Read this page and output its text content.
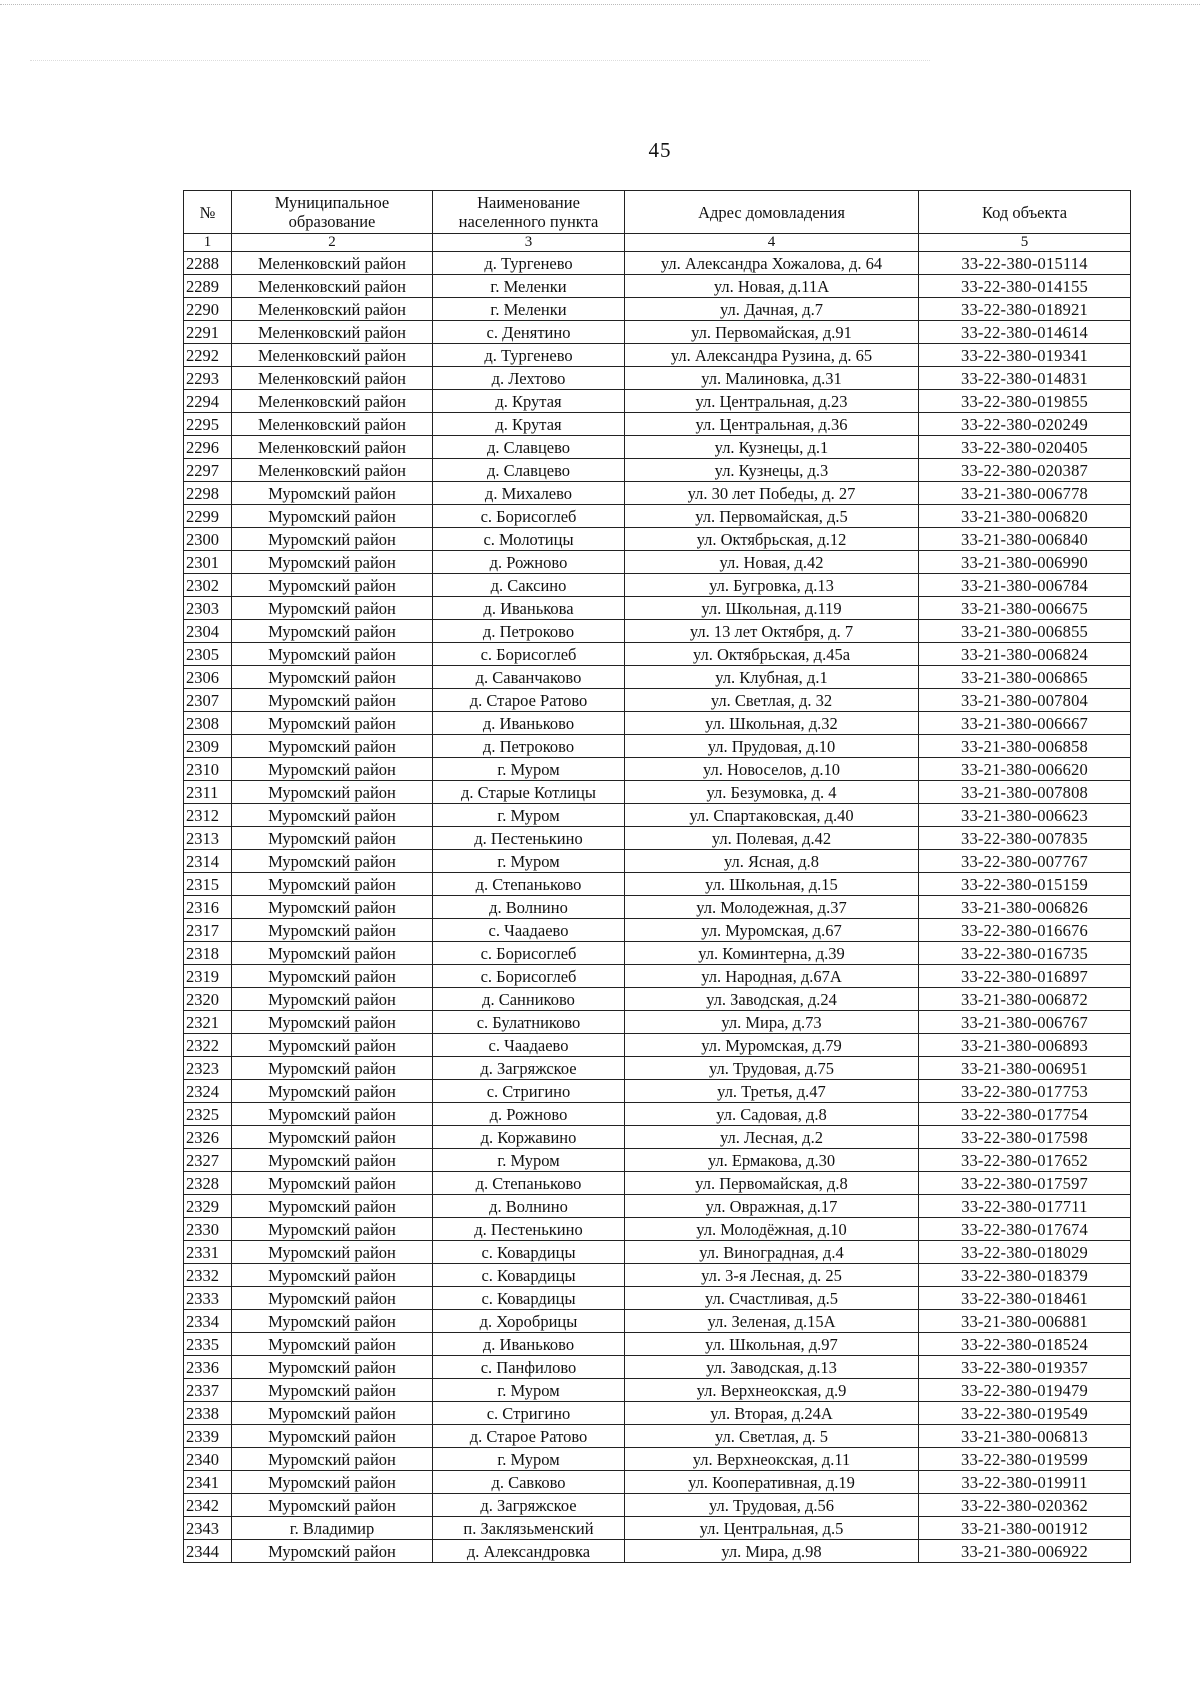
45
№	Муниципальное образование	Наименование населенного пункта	Адрес домовладения	Код объекта
1	2	3	4	5
2288	Меленковский район	д. Тургенево	ул. Александра Хожалова, д. 64	33-22-380-015114
2289	Меленковский район	г. Меленки	ул. Новая, д.11А	33-22-380-014155
2290	Меленковский район	г. Меленки	ул. Дачная, д.7	33-22-380-018921
2291	Меленковский район	с. Денятино	ул. Первомайская, д.91	33-22-380-014614
2292	Меленковский район	д. Тургенево	ул. Александра Рузина, д. 65	33-22-380-019341
2293	Меленковский район	д. Лехтово	ул. Малиновка, д.31	33-22-380-014831
2294	Меленковский район	д. Крутая	ул. Центральная, д.23	33-22-380-019855
2295	Меленковский район	д. Крутая	ул. Центральная, д.36	33-22-380-020249
2296	Меленковский район	д. Славцево	ул. Кузнецы, д.1	33-22-380-020405
2297	Меленковский район	д. Славцево	ул. Кузнецы, д.3	33-22-380-020387
2298	Муромский район	д. Михалево	ул. 30 лет Победы, д. 27	33-21-380-006778
2299	Муромский район	с. Борисоглеб	ул. Первомайская, д.5	33-21-380-006820
2300	Муромский район	с. Молотицы	ул. Октябрьская, д.12	33-21-380-006840
2301	Муромский район	д. Рожново	ул. Новая, д.42	33-21-380-006990
2302	Муромский район	д. Саксино	ул. Бугровка, д.13	33-21-380-006784
2303	Муромский район	д. Иванькова	ул. Школьная, д.119	33-21-380-006675
2304	Муромский район	д. Петроково	ул. 13 лет Октября, д. 7	33-21-380-006855
2305	Муромский район	с. Борисоглеб	ул. Октябрьская, д.45а	33-21-380-006824
2306	Муромский район	д. Саванчаково	ул. Клубная, д.1	33-21-380-006865
2307	Муромский район	д. Старое Ратово	ул. Светлая, д. 32	33-21-380-007804
2308	Муромский район	д. Иваньково	ул. Школьная, д.32	33-21-380-006667
2309	Муромский район	д. Петроково	ул. Прудовая, д.10	33-21-380-006858
2310	Муромский район	г. Муром	ул. Новоселов, д.10	33-21-380-006620
2311	Муромский район	д. Старые Котлицы	ул. Безумовка, д. 4	33-21-380-007808
2312	Муромский район	г. Муром	ул. Спартаковская, д.40	33-21-380-006623
2313	Муромский район	д. Пестенькино	ул. Полевая, д.42	33-22-380-007835
2314	Муромский район	г. Муром	ул. Ясная, д.8	33-22-380-007767
2315	Муромский район	д. Степаньково	ул. Школьная, д.15	33-22-380-015159
2316	Муромский район	д. Волнино	ул. Молодежная, д.37	33-21-380-006826
2317	Муромский район	с. Чаадаево	ул. Муромская, д.67	33-22-380-016676
2318	Муромский район	с. Борисоглеб	ул. Коминтерна, д.39	33-22-380-016735
2319	Муромский район	с. Борисоглеб	ул. Народная, д.67А	33-22-380-016897
2320	Муромский район	д. Санниково	ул. Заводская, д.24	33-21-380-006872
2321	Муромский район	с. Булатниково	ул. Мира, д.73	33-21-380-006767
2322	Муромский район	с. Чаадаево	ул. Муромская, д.79	33-21-380-006893
2323	Муромский район	д. Загряжское	ул. Трудовая, д.75	33-21-380-006951
2324	Муромский район	с. Стригино	ул. Третья, д.47	33-22-380-017753
2325	Муромский район	д. Рожново	ул. Садовая, д.8	33-22-380-017754
2326	Муромский район	д. Коржавино	ул. Лесная, д.2	33-22-380-017598
2327	Муромский район	г. Муром	ул. Ермакова, д.30	33-22-380-017652
2328	Муромский район	д. Степаньково	ул. Первомайская, д.8	33-22-380-017597
2329	Муромский район	д. Волнино	ул. Овражная, д.17	33-22-380-017711
2330	Муромский район	д. Пестенькино	ул. Молодёжная, д.10	33-22-380-017674
2331	Муромский район	с. Ковардицы	ул. Виноградная, д.4	33-22-380-018029
2332	Муромский район	с. Ковардицы	ул. 3-я Лесная, д. 25	33-22-380-018379
2333	Муромский район	с. Ковардицы	ул. Счастливая, д.5	33-22-380-018461
2334	Муромский район	д. Хоробрицы	ул. Зеленая, д.15А	33-21-380-006881
2335	Муромский район	д. Иваньково	ул. Школьная, д.97	33-22-380-018524
2336	Муромский район	с. Панфилово	ул. Заводская, д.13	33-22-380-019357
2337	Муромский район	г. Муром	ул. Верхнеокская, д.9	33-22-380-019479
2338	Муромский район	с. Стригино	ул. Вторая, д.24А	33-22-380-019549
2339	Муромский район	д. Старое Ратово	ул. Светлая, д. 5	33-21-380-006813
2340	Муромский район	г. Муром	ул. Верхнеокская, д.11	33-22-380-019599
2341	Муромский район	д. Савково	ул. Кооперативная, д.19	33-22-380-019911
2342	Муромский район	д. Загряжское	ул. Трудовая, д.56	33-22-380-020362
2343	г. Владимир	п. Заклязьменский	ул. Центральная, д.5	33-21-380-001912
2344	Муромский район	д. Александровка	ул. Мира, д.98	33-21-380-006922
